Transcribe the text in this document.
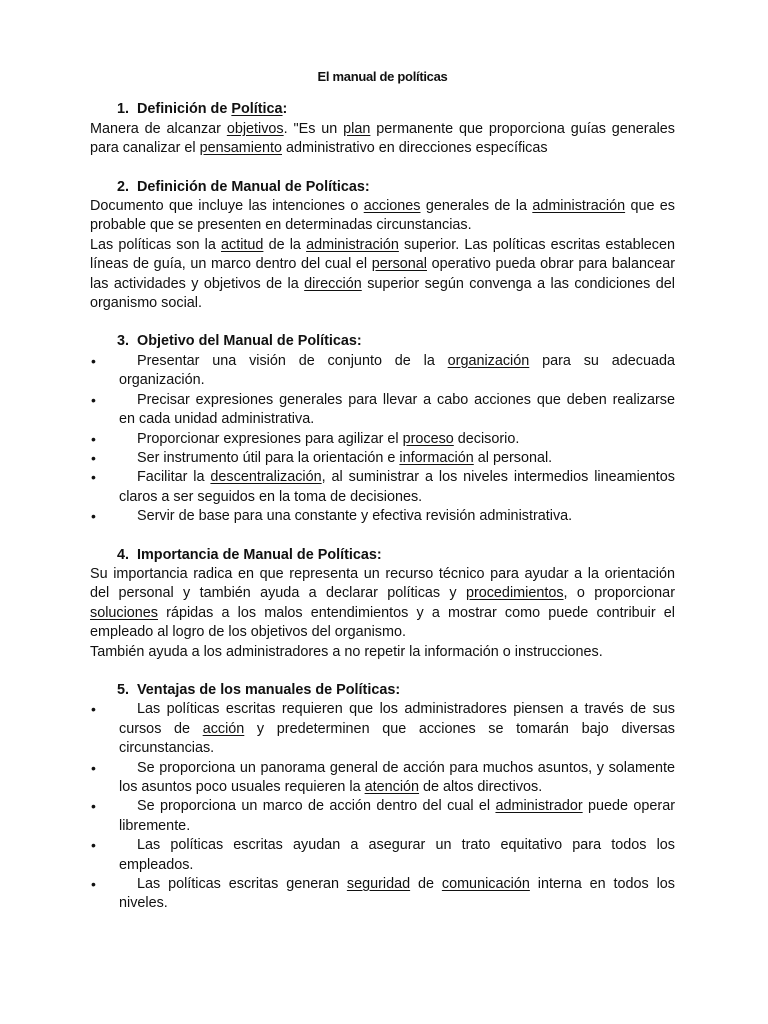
El manual de políticas

1. Definición de Política:

Manera de alcanzar objetivos. "Es un plan permanente que proporciona guías generales para canalizar el pensamiento administrativo en direcciones específicas

2. Definición de Manual de Políticas:

Documento que incluye las intenciones o acciones generales de la administración que es probable que se presenten en determinadas circunstancias.

Las políticas son la actitud de la administración superior. Las políticas escritas establecen líneas de guía, un marco dentro del cual el personal operativo pueda obrar para balancear las actividades y objetivos de la dirección superior según convenga a las condiciones del organismo social.

3. Objetivo del Manual de Políticas:

• Presentar una visión de conjunto de la organización para su adecuada organización.
• Precisar expresiones generales para llevar a cabo acciones que deben realizarse en cada unidad administrativa.
• Proporcionar expresiones para agilizar el proceso decisorio.
• Ser instrumento útil para la orientación e información al personal.
• Facilitar la descentralización, al suministrar a los niveles intermedios lineamientos claros a ser seguidos en la toma de decisiones.
• Servir de base para una constante y efectiva revisión administrativa.

4. Importancia de Manual de Políticas:

Su importancia radica en que representa un recurso técnico para ayudar a la orientación del personal y también ayuda a declarar políticas y procedimientos, o proporcionar soluciones rápidas a los malos entendimientos y a mostrar como puede contribuir el empleado al logro de los objetivos del organismo.

También ayuda a los administradores a no repetir la información o instrucciones.

5. Ventajas de los manuales de Políticas:

• Las políticas escritas requieren que los administradores piensen a través de sus cursos de acción y predeterminen que acciones se tomarán bajo diversas circunstancias.
• Se proporciona un panorama general de acción para muchos asuntos, y solamente los asuntos poco usuales requieren la atención de altos directivos.
• Se proporciona un marco de acción dentro del cual el administrador puede operar libremente.
• Las políticas escritas ayudan a asegurar un trato equitativo para todos los empleados.
• Las políticas escritas generan seguridad de comunicación interna en todos los niveles.
